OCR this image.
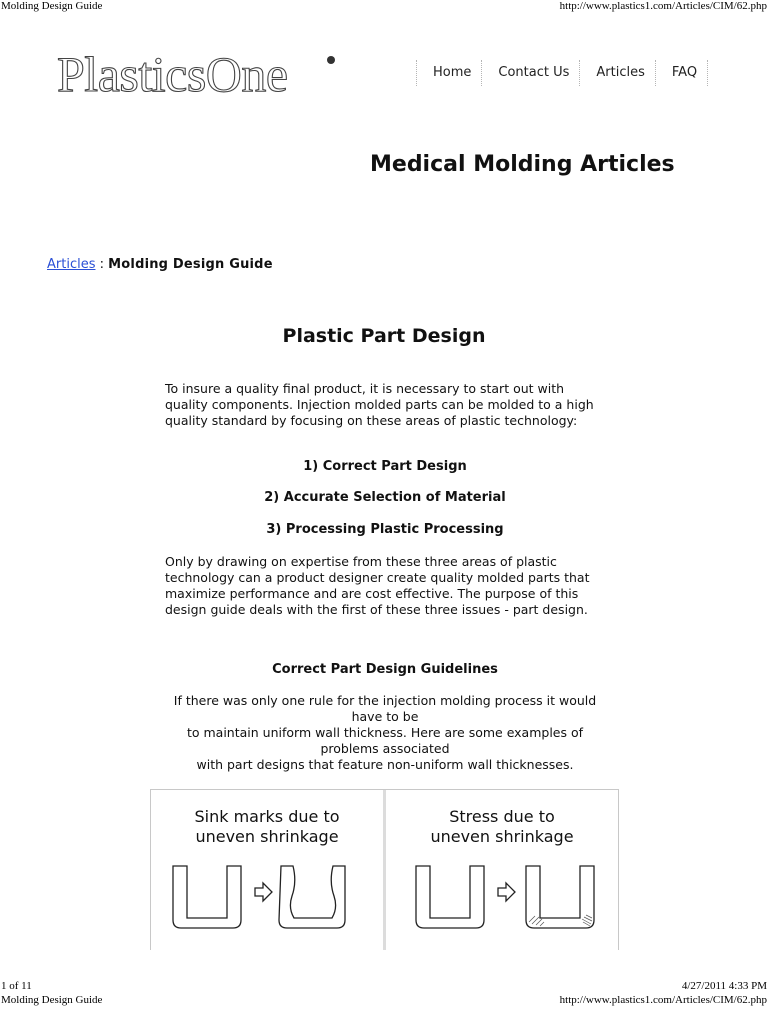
Molding Design Guide	http://www.plastics1.com/Articles/CIM/62.php
PlasticsOne	Home	Contact Us	Articles	FAQ
Medical Molding Articles
Articles : Molding Design Guide
Plastic Part Design

To insure a quality final product, it is necessary to start out with quality components. Injection molded parts can be molded to a high quality standard by focusing on these areas of plastic technology:

1) Correct Part Design

2) Accurate Selection of Material

3) Processing Plastic Processing

Only by drawing on expertise from these three areas of plastic technology can a product designer create quality molded parts that maximize performance and are cost effective. The purpose of this design guide deals with the first of these three issues - part design.

Correct Part Design Guidelines

If there was only one rule for the injection molding process it would have to be
to maintain uniform wall thickness. Here are some examples of problems associated
with part designs that feature non-uniform wall thicknesses.
Sink marks due to
uneven shrinkage
Stress due to
uneven shrinkage
1 of 11	4/27/2011 4:33 PM
Molding Design Guide	http://www.plastics1.com/Articles/CIM/62.php
